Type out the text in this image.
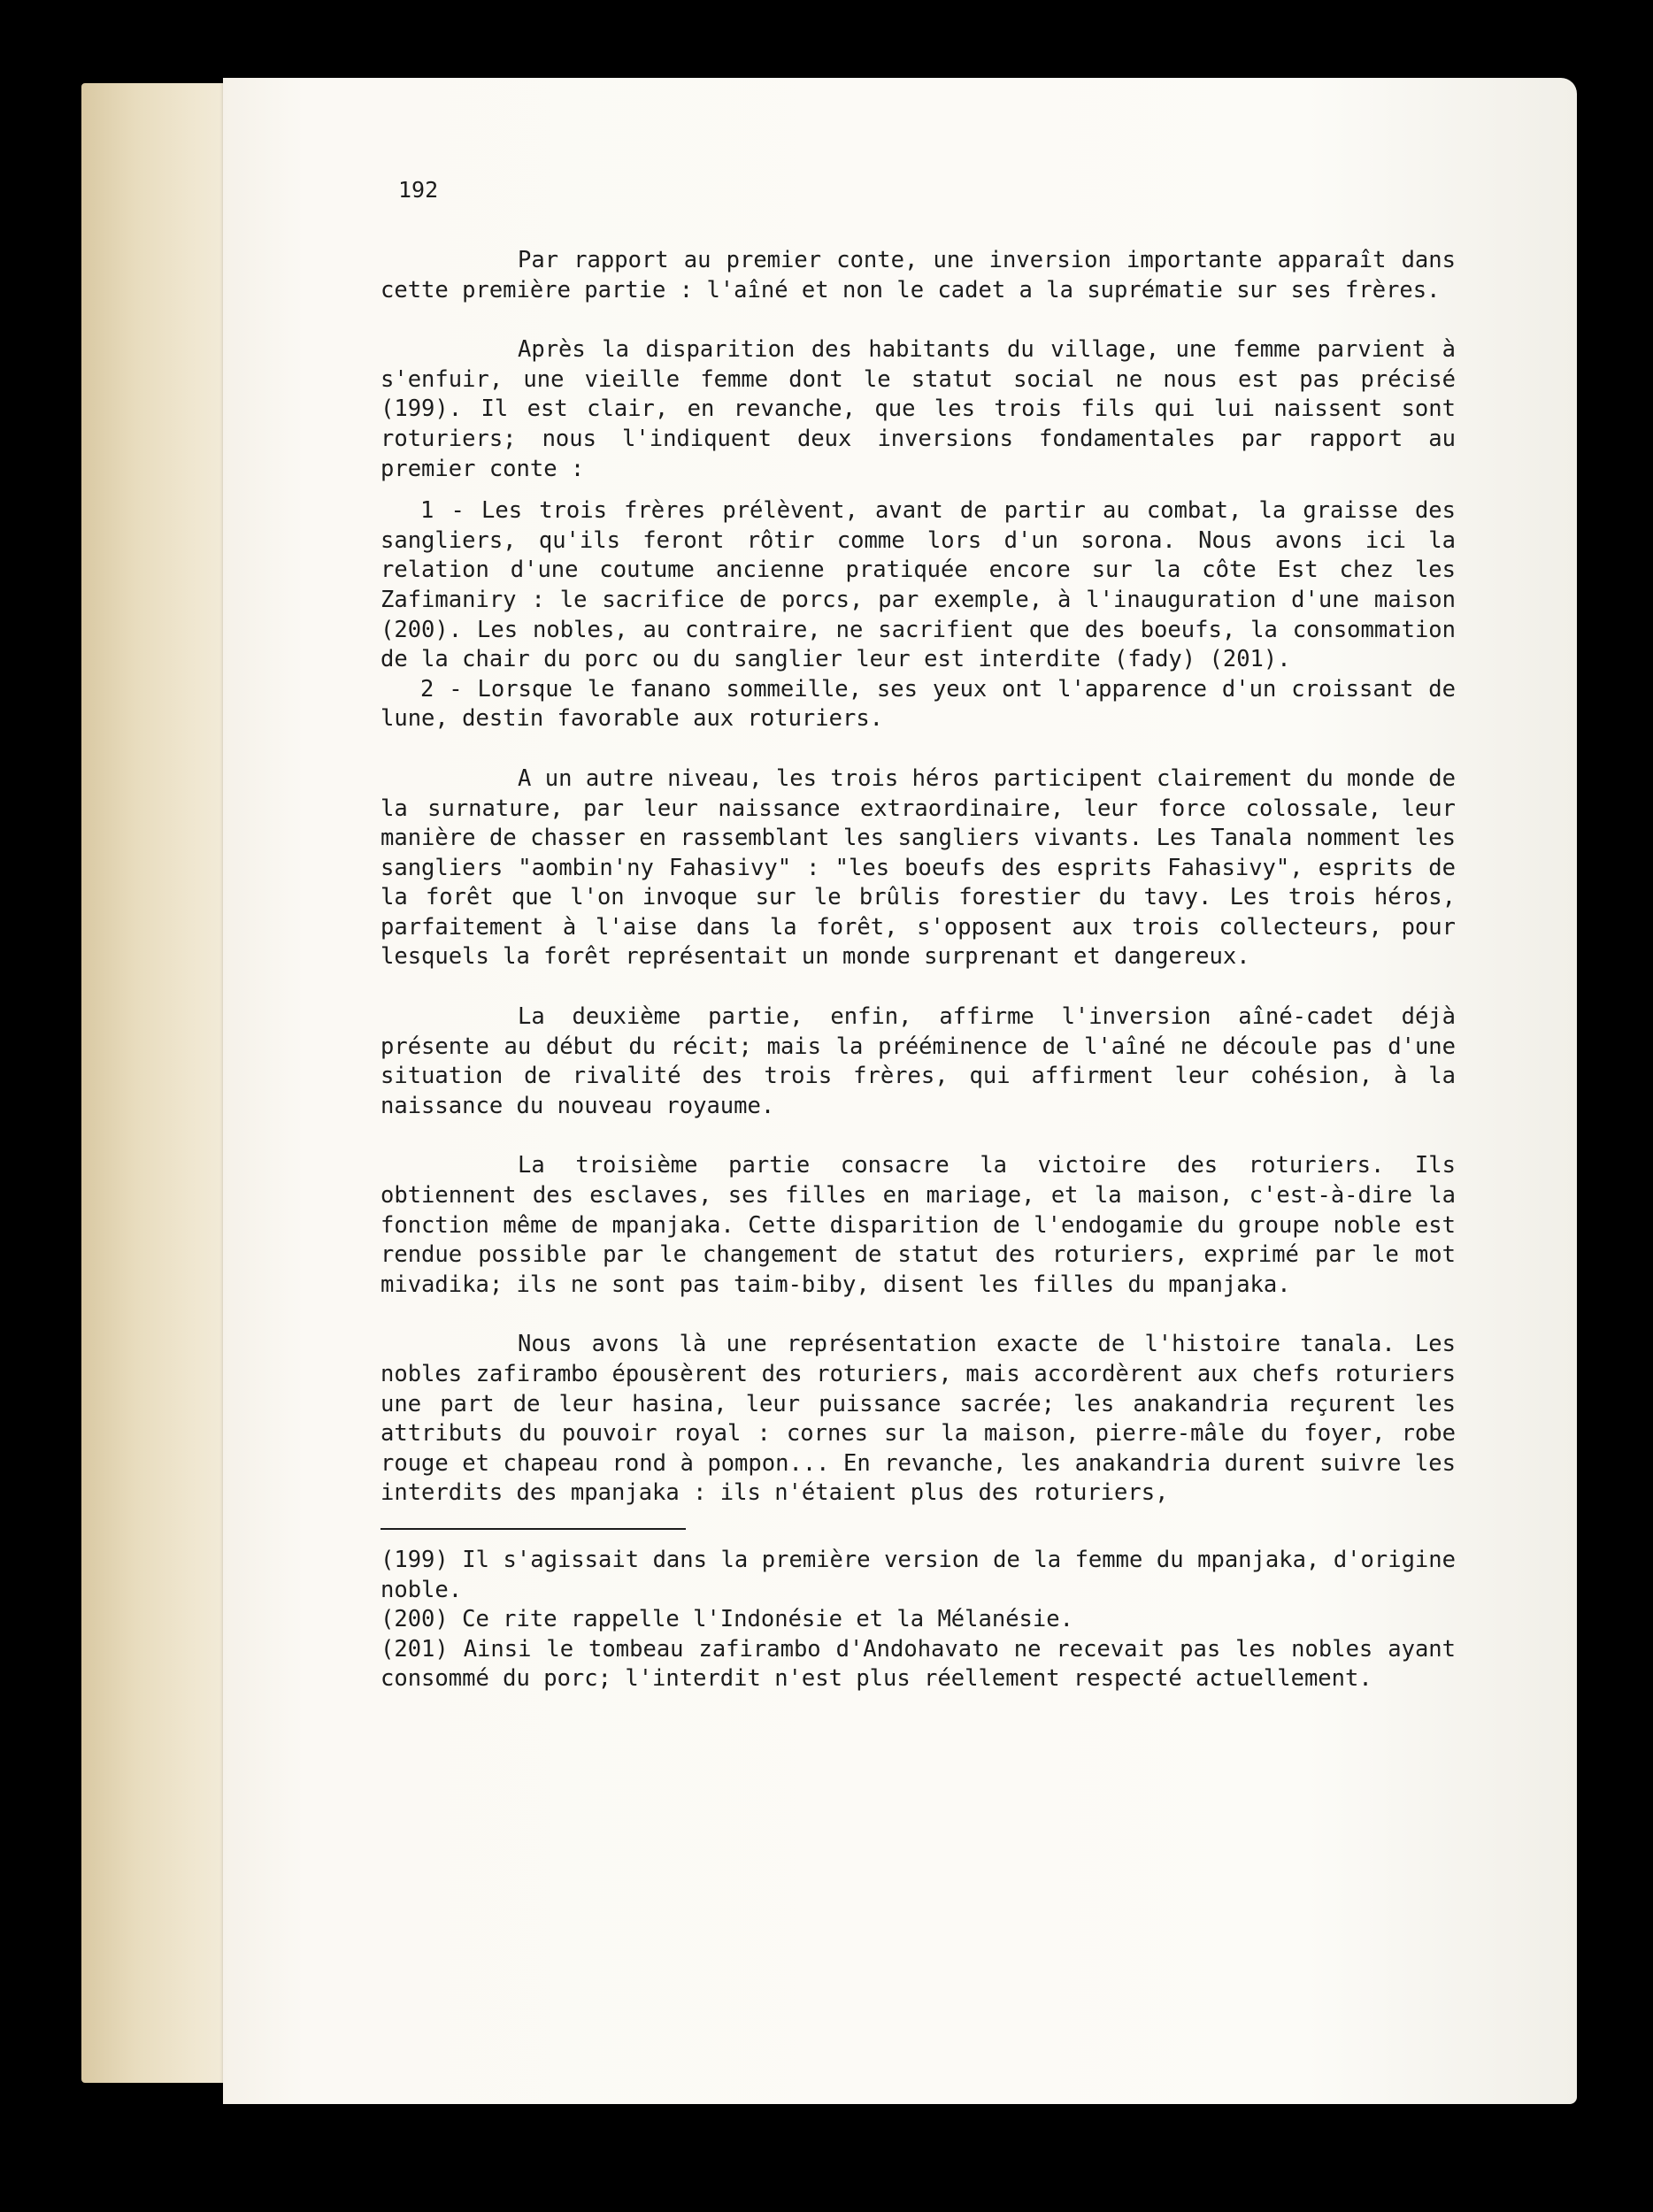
192

Par rapport au premier conte, une inversion importante apparaît dans cette première partie : l'aîné et non le cadet a la suprématie sur ses frères.

Après la disparition des habitants du village, une femme parvient à s'enfuir, une vieille femme dont le statut social ne nous est pas précisé (199). Il est clair, en revanche, que les trois fils qui lui naissent sont roturiers; nous l'indiquent deux inversions fondamentales par rapport au premier conte :

1 - Les trois frères prélèvent, avant de partir au combat, la graisse des sangliers, qu'ils feront rôtir comme lors d'un sorona. Nous avons ici la relation d'une coutume ancienne pratiquée encore sur la côte Est chez les Zafimaniry : le sacrifice de porcs, par exemple, à l'inauguration d'une maison (200). Les nobles, au contraire, ne sacrifient que des boeufs, la consommation de la chair du porc ou du sanglier leur est interdite (fady) (201).

2 - Lorsque le fanano sommeille, ses yeux ont l'apparence d'un croissant de lune, destin favorable aux roturiers.

A un autre niveau, les trois héros participent clairement du monde de la surnature, par leur naissance extraordinaire, leur force colossale, leur manière de chasser en rassemblant les sangliers vivants. Les Tanala nomment les sangliers "aombin'ny Fahasivy" : "les boeufs des esprits Fahasivy", esprits de la forêt que l'on invoque sur le brûlis forestier du tavy. Les trois héros, parfaitement à l'aise dans la forêt, s'opposent aux trois collecteurs, pour lesquels la forêt représentait un monde surprenant et dangereux.

La deuxième partie, enfin, affirme l'inversion aîné-cadet déjà présente au début du récit; mais la prééminence de l'aîné ne découle pas d'une situation de rivalité des trois frères, qui affirment leur cohésion, à la naissance du nouveau royaume.

La troisième partie consacre la victoire des roturiers. Ils obtiennent des esclaves, ses filles en mariage, et la maison, c'est-à-dire la fonction même de mpanjaka. Cette disparition de l'endogamie du groupe noble est rendue possible par le changement de statut des roturiers, exprimé par le mot mivadika; ils ne sont pas taim-biby, disent les filles du mpanjaka.

Nous avons là une représentation exacte de l'histoire tanala. Les nobles zafirambo épousèrent des roturiers, mais accordèrent aux chefs roturiers une part de leur hasina, leur puissance sacrée; les anakandria reçurent les attributs du pouvoir royal : cornes sur la maison, pierre-mâle du foyer, robe rouge et chapeau rond à pompon... En revanche, les anakandria durent suivre les interdits des mpanjaka : ils n'étaient plus des roturiers,

(199) Il s'agissait dans la première version de la femme du mpanjaka, d'origine noble.

(200) Ce rite rappelle l'Indonésie et la Mélanésie.

(201) Ainsi le tombeau zafirambo d'Andohavato ne recevait pas les nobles ayant consommé du porc; l'interdit n'est plus réellement respecté actuellement.
